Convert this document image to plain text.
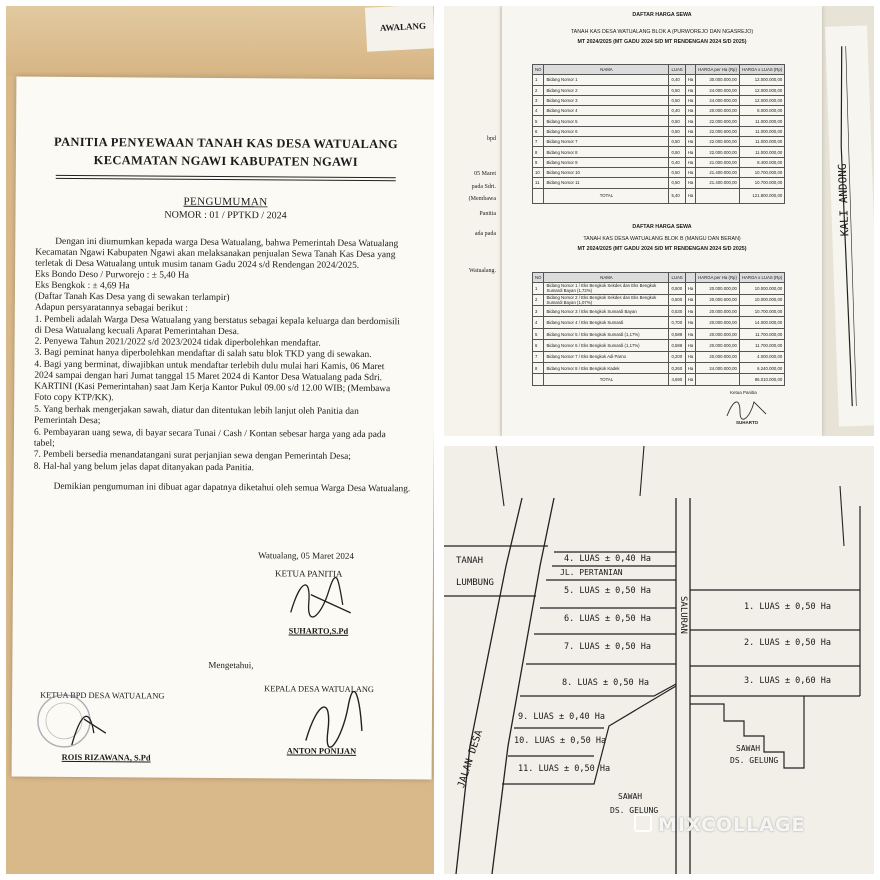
PANITIA PENYEWAAN TANAH KAS DESA WATUALANG
KECAMATAN NGAWI KABUPATEN NGAWI
PENGUMUMAN
NOMOR : 01 / PPTKD / 2024
Dengan ini diumumkan kepada warga Desa Watualang, bahwa Pemerintah Desa Watualang
Kecamatan Ngawi Kabupaten Ngawi akan melaksanakan penjualan Sewa Tanah Kas Desa yang
terletak di Desa Watualang untuk musim tanam Gadu 2024 s/d Rendengan 2024/2025.
Eks Bondo Deso / Purworejo : ± 5,40 Ha
Eks Bengkok : ± 4,69 Ha
(Daftar Tanah Kas Desa yang di sewakan terlampir)
Adapun persyaratannya sebagai berikut :
1. Pembeli adalah Warga Desa Watualang yang berstatus sebagai kepala keluarga dan berdomisili
di Desa Watualang kecuali Aparat Pemerintahan Desa.
2. Penyewa Tahun 2021/2022 s/d 2023/2024 tidak diperbolehkan mendaftar.
3. Bagi peminat hanya diperbolehkan mendaftar di salah satu blok TKD yang di sewakan.
4. Bagi yang berminat, diwajibkan untuk mendaftar terlebih dulu mulai hari Kamis, 06 Maret
2024 sampai dengan hari Jumat tanggal 15 Maret 2024 di Kantor Desa Watualang pada Sdri.
KARTINI (Kasi Pemerintahan) saat Jam Kerja Kantor Pukul 09.00 s/d 12.00 WIB; (Membawa
Foto copy KTP/KK).
5. Yang berhak mengerjakan sawah, diatur dan ditentukan lebih lanjut oleh Panitia dan
Pemerintah Desa;
6. Pembayaran uang sewa, di bayar secara Tunai / Cash / Kontan sebesar harga yang ada pada
tabel;
7. Pembeli bersedia menandatangani surat perjanjian sewa dengan Pemerintah Desa;
8. Hal-hal yang belum jelas dapat ditanyakan pada Panitia.
Demikian pengumuman ini dibuat agar dapatnya diketahui oleh semua Warga Desa Watualang.
Watualang, 05 Maret 2024
KETUA PANITIA
SUHARTO,S.Pd
Mengetahui,
KETUA BPD DESA WATUALANG
KEPALA DESA WATUALANG
ROIS RIZAWANA, S.Pd
ANTON PONIJAN
AWALANG
bpd
05 Maret
pada Sdri.
(Membawa
Panitia
ada pada
Watualang.
DAFTAR HARGA SEWA
TANAH KAS DESA WATUALANG BLOK A (PURWOREJO DAN NGASREJO)
MT 2024/2025 (MT GADU 2024 S/D MT RENDENGAN 2024 S/D 2025)
NO	NAMA	LUAS		HARGA per Ha (Rp)	HARGA x LUAS (Rp)
1	Bidang Nomor 1	0,40	Ha	30.000.000,00	12.000.000,00
2	Bidang Nomor 2	0,50	Ha	24.000.000,00	12.000.000,00
3	Bidang Nomor 3	0,50	Ha	24.000.000,00	12.000.000,00
4	Bidang Nomor 4	0,40	Ha	20.000.000,00	8.000.000,00
5	Bidang Nomor 5	0,50	Ha	22.000.000,00	11.000.000,00
6	Bidang Nomor 6	0,50	Ha	22.000.000,00	11.000.000,00
7	Bidang Nomor 7	0,50	Ha	22.000.000,00	11.000.000,00
8	Bidang Nomor 8	0,50	Ha	22.000.000,00	11.000.000,00
9	Bidang Nomor 9	0,40	Ha	21.000.000,00	8.400.000,00
10	Bidang Nomor 10	0,50	Ha	21.400.000,00	10.700.000,00
11	Bidang Nomor 11	0,50	Ha	21.400.000,00	10.700.000,00
	TOTAL	5,40	Ha		121.800.000,00
DAFTAR HARGA SEWA
TANAH KAS DESA WATUALANG BLOK B (MANGU DAN BERAN)
MT 2024/2025 (MT GADU 2024 S/D MT RENDENGAN 2024 S/D 2025)
NO	NAMA	LUAS		HARGA per Ha (Rp)	HARGA x LUAS (Rp)
1	Bidang Nomor 1 / Eks Bengkok Sekdes dan Eks Bengkok Sumardi Bayan (1,72%)	0,500	Ha	20.000.000,00	10.000.000,00
2	Bidang Nomor 2 / Eks Bengkok Sekdes dan Eks Bengkok Sumardi Bayan (1,07%)	0,500	Ha	20.000.000,00	10.000.000,00
3	Bidang Nomor 3 / Eks Bengkok Sumardi Bayan	0,530	Ha	20.000.000,00	10.700.000,00
4	Bidang Nomor 4 / Eks Bengkok Sumardi	0,700	Ha	20.000.000,00	14.000.000,00
5	Bidang Nomor 5 / Eks Bengkok Sumardi (1,17%)	0,588	Ha	20.000.000,00	11.700.000,00
6	Bidang Nomor 6 / Eks Bengkok Sumardi (1,17%)	0,588	Ha	20.000.000,00	11.700.000,00
7	Bidang Nomor 7 / Eks Bengkok Adi Parno	0,200	Ha	20.000.000,00	4.000.000,00
8	Bidang Nomor 8 / Eks Bengkok Kadek	0,260	Ha	24.000.000,00	6.240.000,00
	TOTAL	4,690	Ha		86.010.000,00
Ketua Panitia
SUHARTO
KALI ANDONG
TANAH
LUMBUNG
JL. PERTANIAN
SALURAN
JALAN DESA
SAWAH
DS. GELUNG
SAWAH
DS. GELUNG
4. LUAS ± 0,40 Ha
5. LUAS ± 0,50 Ha
6. LUAS ± 0,50 Ha
7. LUAS ± 0,50 Ha
8. LUAS ± 0,50 Ha
9. LUAS ± 0,40 Ha
10. LUAS ± 0,50 Ha
11. LUAS ± 0,50 Ha
1. LUAS ± 0,50 Ha
2. LUAS ± 0,50 Ha
3. LUAS ± 0,60 Ha
MIXCOLLAGE
